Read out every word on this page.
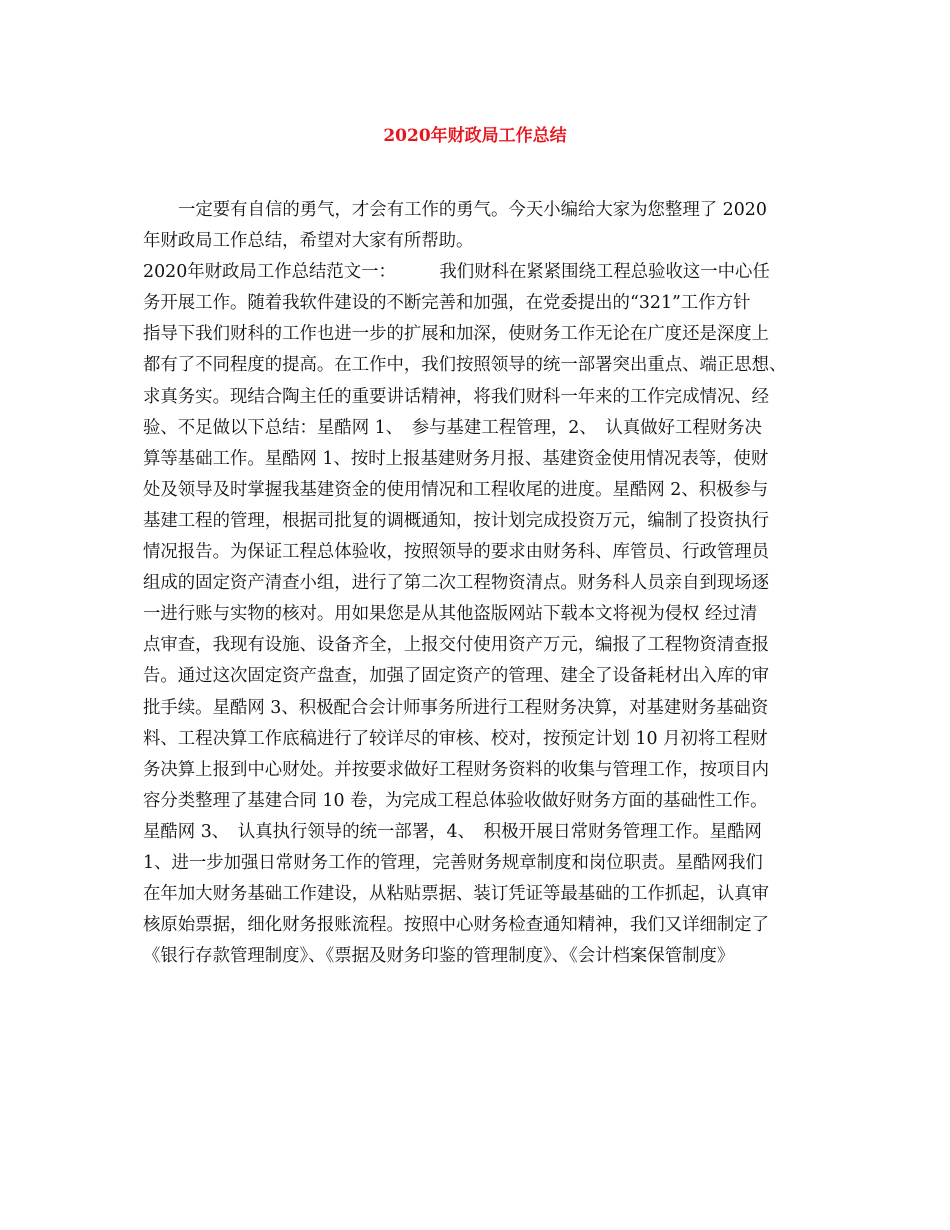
2020年财政局工作总结
一定要有自信的勇气，才会有工作的勇气。今天小编给大家为您整理了 2020
年财政局工作总结，希望对大家有所帮助。
2020年财政局工作总结范文一：　　　我们财科在紧紧围绕工程总验收这一中心任
务开展工作。随着我软件建设的不断完善和加强，在党委提出的“321”工作方针
指导下我们财科的工作也进一步的扩展和加深，使财务工作无论在广度还是深度上
都有了不同程度的提高。在工作中，我们按照领导的统一部署突出重点、端正思想、
求真务实。现结合陶主任的重要讲话精神，将我们财科一年来的工作完成情况、经
验、不足做以下总结：星酷网 1、　参与基建工程管理，2、　认真做好工程财务决
算等基础工作。星酷网 1、按时上报基建财务月报、基建资金使用情况表等，使财
处及领导及时掌握我基建资金的使用情况和工程收尾的进度。星酷网 2、积极参与
基建工程的管理，根据司批复的调概通知，按计划完成投资万元，编制了投资执行
情况报告。为保证工程总体验收，按照领导的要求由财务科、库管员、行政管理员
组成的固定资产清查小组，进行了第二次工程物资清点。财务科人员亲自到现场逐
一进行账与实物的核对。用如果您是从其他盗版网站下载本文将视为侵权 经过清
点审查，我现有设施、设备齐全，上报交付使用资产万元，编报了工程物资清查报
告。通过这次固定资产盘查，加强了固定资产的管理、建全了设备耗材出入库的审
批手续。星酷网 3、积极配合会计师事务所进行工程财务决算，对基建财务基础资
料、工程决算工作底稿进行了较详尽的审核、校对，按预定计划 10 月初将工程财
务决算上报到中心财处。并按要求做好工程财务资料的收集与管理工作，按项目内
容分类整理了基建合同 10 卷，为完成工程总体验收做好财务方面的基础性工作。
星酷网 3、　认真执行领导的统一部署，4、　积极开展日常财务管理工作。星酷网
1、进一步加强日常财务工作的管理，完善财务规章制度和岗位职责。星酷网我们
在年加大财务基础工作建设，从粘贴票据、装订凭证等最基础的工作抓起，认真审
核原始票据，细化财务报账流程。按照中心财务检查通知精神，我们又详细制定了
《银行存款管理制度》、《票据及财务印鉴的管理制度》、《会计档案保管制度》
